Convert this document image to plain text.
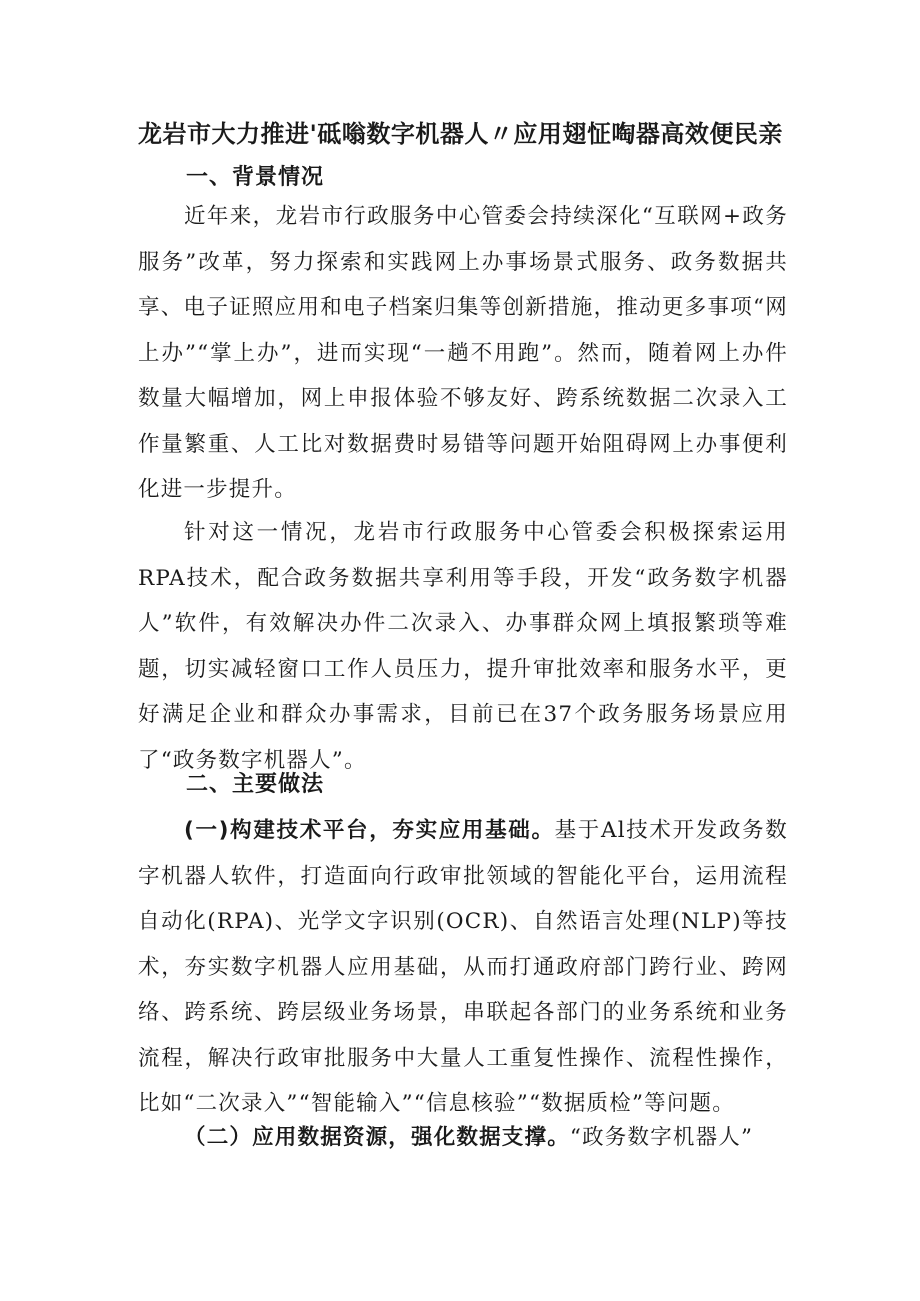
龙岩市大力推进'砥嗡数字机器人〃应用翅怔啕器高效便民亲
一、背景情况
近年来，龙岩市行政服务中心管委会持续深化“互联网+政务服务”改革，努力探索和实践网上办事场景式服务、政务数据共享、电子证照应用和电子档案归集等创新措施，推动更多事项“网上办”“掌上办”，进而实现“一趟不用跑”。然而，随着网上办件数量大幅增加，网上申报体验不够友好、跨系统数据二次录入工作量繁重、人工比对数据费时易错等问题开始阻碍网上办事便利化进一步提升。
针对这一情况，龙岩市行政服务中心管委会积极探索运用RPA技术，配合政务数据共享利用等手段，开发“政务数字机器人”软件，有效解决办件二次录入、办事群众网上填报繁琐等难题，切实减轻窗口工作人员压力，提升审批效率和服务水平，更好满足企业和群众办事需求，目前已在37个政务服务场景应用了“政务数字机器人”。
二、主要做法
(一)构建技术平台，夯实应用基础。基于Al技术开发政务数字机器人软件，打造面向行政审批领域的智能化平台，运用流程自动化(RPA)、光学文字识别(OCR)、自然语言处理(NLP)等技术，夯实数字机器人应用基础，从而打通政府部门跨行业、跨网络、跨系统、跨层级业务场景，串联起各部门的业务系统和业务流程，解决行政审批服务中大量人工重复性操作、流程性操作，比如“二次录入”“智能输入”“信息核验”“数据质检”等问题。
（二）应用数据资源，强化数据支撑。“政务数字机器人”
